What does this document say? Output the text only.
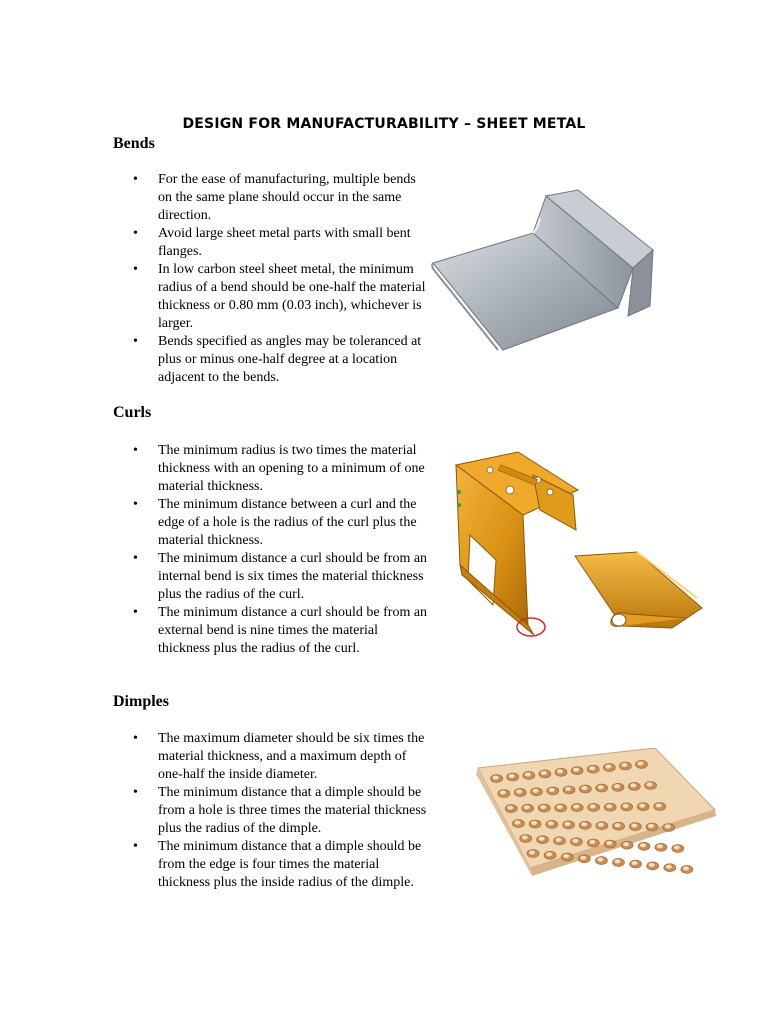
DESIGN FOR MANUFACTURABILITY – SHEET METAL
Bends
• For the ease of manufacturing, multiple bends on the same plane should occur in the same direction.
• Avoid large sheet metal parts with small bent flanges.
• In low carbon steel sheet metal, the minimum radius of a bend should be one-half the material thickness or 0.80 mm (0.03 inch), whichever is larger.
• Bends specified as angles may be toleranced at plus or minus one-half degree at a location adjacent to the bends.
Curls
• The minimum radius is two times the material thickness with an opening to a minimum of one material thickness.
• The minimum distance between a curl and the edge of a hole is the radius of the curl plus the material thickness.
• The minimum distance a curl should be from an internal bend is six times the material thickness plus the radius of the curl.
• The minimum distance a curl should be from an external bend is nine times the material thickness plus the radius of the curl.
Dimples
• The maximum diameter should be six times the material thickness, and a maximum depth of one-half the inside diameter.
• The minimum distance that a dimple should be from a hole is three times the material thickness plus the radius of the dimple.
• The minimum distance that a dimple should be from the edge is four times the material thickness plus the inside radius of the dimple.
